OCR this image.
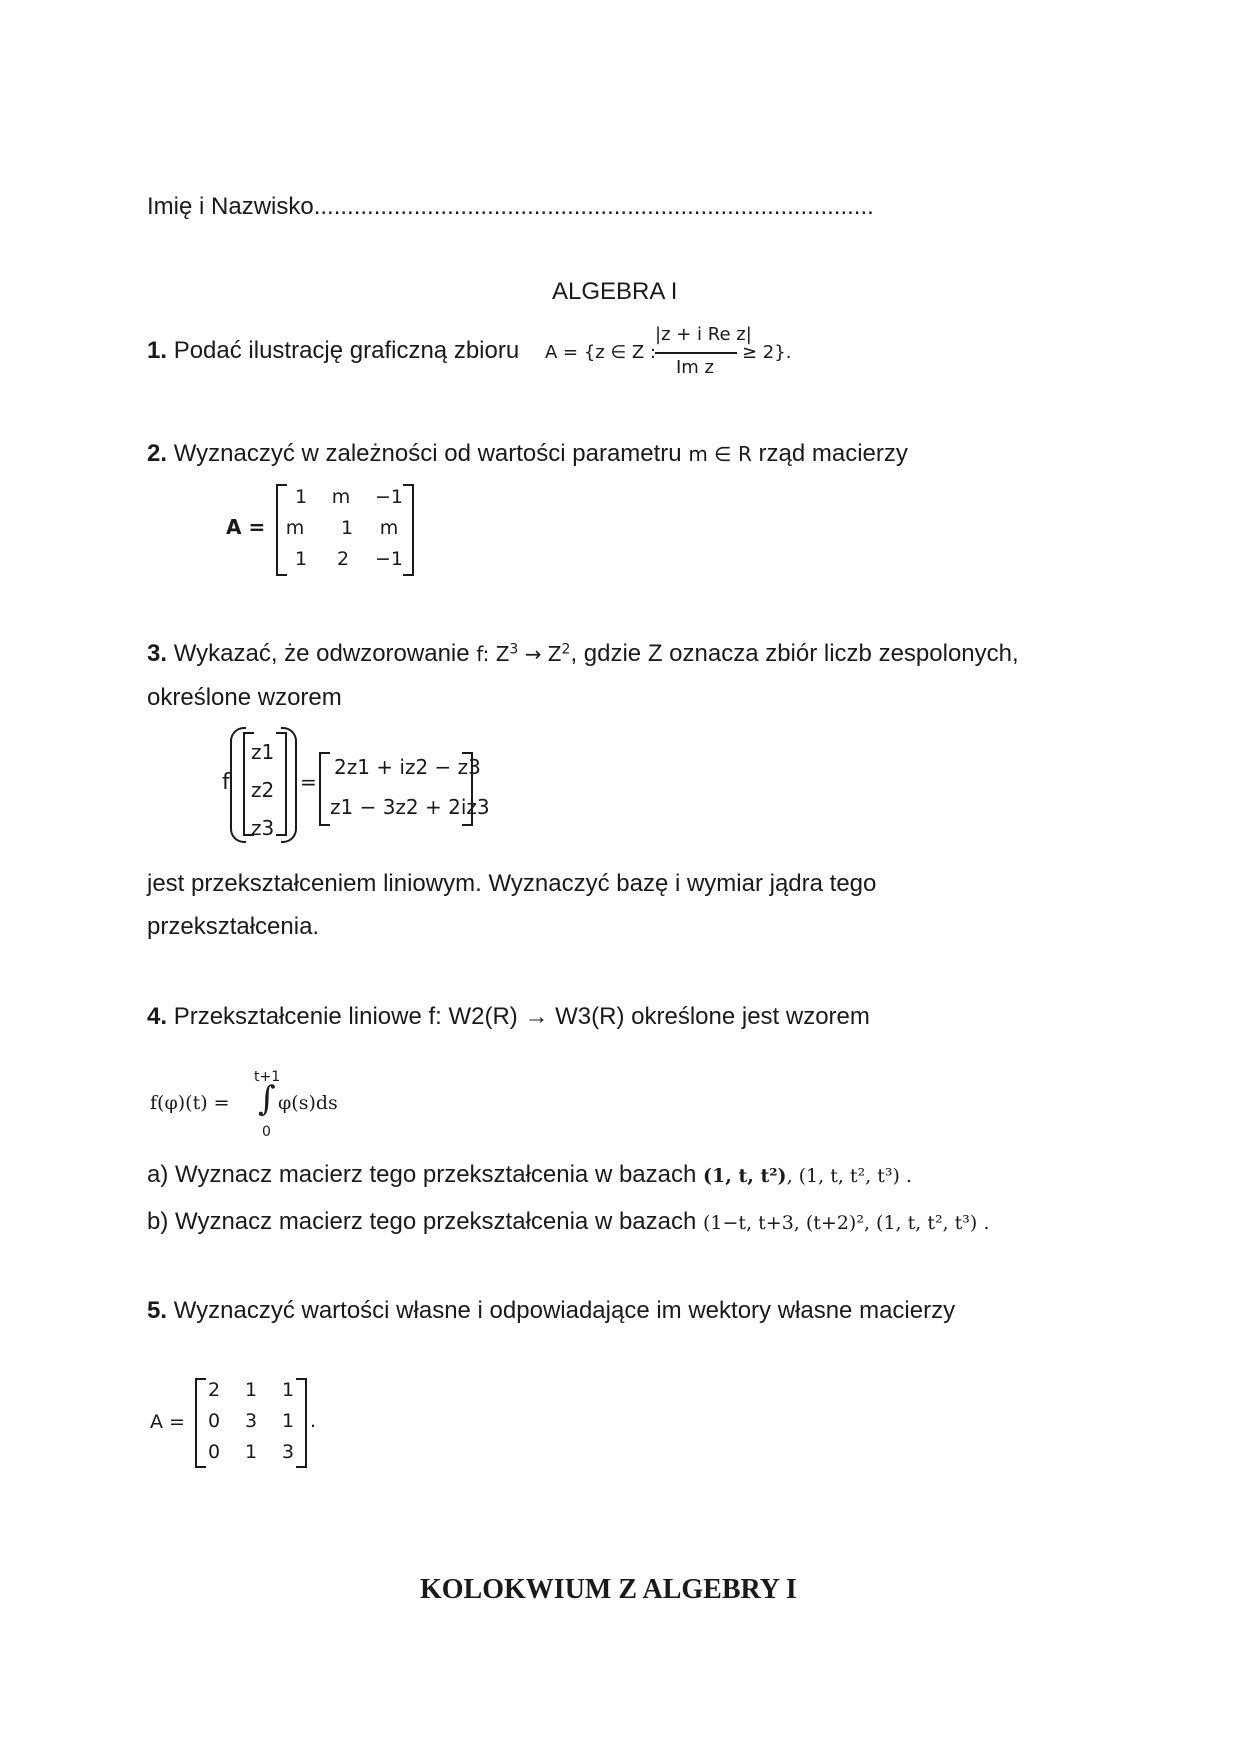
Imię i Nazwisko....................................................................................
ALGEBRA I
1. Podać ilustrację graficzną zbioru A = {z ∈ Z :
|z + i Re z|
Im z
≥ 2}.
2. Wyznaczyć w zależności od wartości parametru m ∈ R rząd macierzy
A =
1	m	−1
m	1	m
1	2	−1
3. Wykazać, że odwzorowanie f: $Z^3 \to Z^2$, gdzie Z oznacza zbiór liczb zespolonych,
określone wzorem
f
z1
z2
z3
=
2z1 + iz2 − z3
z1 − 3z2 + 2iz3
jest przekształceniem liniowym. Wyznaczyć bazę i wymiar jądra tego
przekształcenia.
4. Przekształcenie liniowe f: W2(R) → W3(R) określone jest wzorem
f(φ)(t) =
t+1
∫
0
φ(s)ds
a) Wyznacz macierz tego przekształcenia w bazach (1, t, t²), (1, t, t², t³) .
b) Wyznacz macierz tego przekształcenia w bazach (1−t, t+3, (t+2)², (1, t, t², t³) .
5. Wyznaczyć wartości własne i odpowiadające im wektory własne macierzy
A =
2	1	1
0	3	1
0	1	3
.
KOLOKWIUM Z ALGEBRY I
